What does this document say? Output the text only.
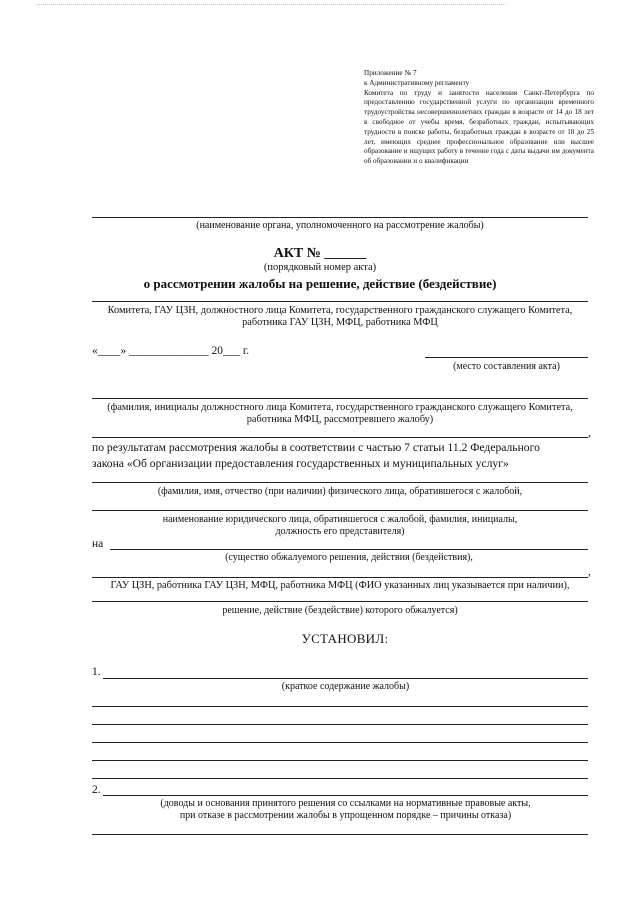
Приложение № 7
к Административному регламенту
Комитета по труду и занятости населения Санкт-Петербурга по предоставлению государственной услуги по организации временного трудоустройства несовершеннолетних граждан в возрасте от 14 до 18 лет в свободное от учебы время, безработных граждан, испытывающих трудности в поиске работы, безработных граждан в возрасте от 18 до 25 лет, имеющих среднее профессиональное образование или высшее образование и ищущих работу в течение года с даты выдачи им документа об образовании и о квалификации
(наименование органа, уполномоченного на рассмотрение жалобы)
АКТ № ______
(порядковый номер акта)
о рассмотрении жалобы на решение, действие (бездействие)
Комитета, ГАУ ЦЗН, должностного лица Комитета, государственного гражданского служащего Комитета,
работника ГАУ ЦЗН, МФЦ, работника МФЦ
«____» ______________ 20___ г.
(место составления акта)
(фамилия, инициалы должностного лица Комитета, государственного гражданского служащего Комитета,
работника МФЦ, рассмотревшего жалобу)
,
по результатам рассмотрения жалобы в соответствии с частью 7 статьи 11.2 Федерального
закона «Об организации предоставления государственных и муниципальных услуг»
(фамилия, имя, отчество (при наличии) физического лица, обратившегося с жалобой,
наименование юридического лица, обратившегося с жалобой, фамилия, инициалы,
должность его представителя)
на
(существо обжалуемого решения, действия (бездействия),
,
ГАУ ЦЗН, работника ГАУ ЦЗН, МФЦ, работника МФЦ (ФИО указанных лиц указывается при наличии),
решение, действие (бездействие) которого обжалуется)
УСТАНОВИЛ:
1.
(краткое содержание жалобы)
2.
(доводы и основания принятого решения со ссылками на нормативные правовые акты,
при отказе в рассмотрении жалобы в упрощенном порядке – причины отказа)
